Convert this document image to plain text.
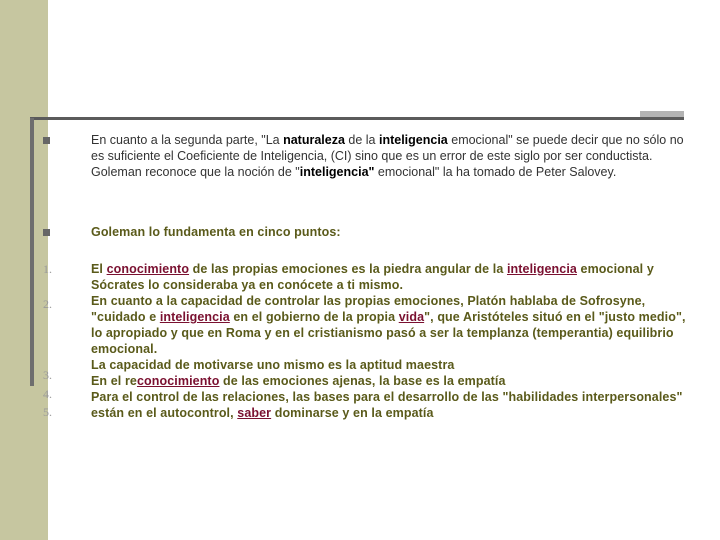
En cuanto a la segunda parte, "La naturaleza de la inteligencia emocional" se puede decir que no sólo no es suficiente el Coeficiente de Inteligencia, (CI) sino que es un error de este siglo por ser conductista. Goleman reconoce que la noción de "inteligencia" emocional" la ha tomado de Peter Salovey.
Goleman lo fundamenta en cinco puntos:
1.
2.
3.
4.
5.
El conocimiento de las propias emociones es la piedra angular de la inteligencia emocional y Sócrates lo consideraba ya en conócete a ti mismo.
En cuanto a la capacidad de controlar las propias emociones, Platón hablaba de Sofrosyne, "cuidado e inteligencia en el gobierno de la propia vida", que Aristóteles situó en el "justo medio", lo apropiado y que en Roma y en el cristianismo pasó a ser la templanza (temperantia) equilibrio emocional.
La capacidad de motivarse uno mismo es la aptitud maestra
En el reconocimiento de las emociones ajenas, la base es la empatía
Para el control de las relaciones, las bases para el desarrollo de las "habilidades interpersonales" están en el autocontrol, saber dominarse y en la empatía
